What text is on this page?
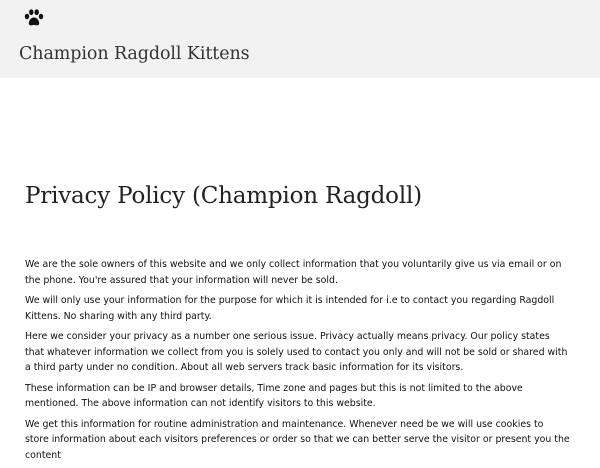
Champion Ragdoll Kittens
Privacy Policy (Champion Ragdoll)

We are the sole owners of this website and we only collect information that you voluntarily give us via email or on the phone. You're assured that your information will never be sold.

We will only use your information for the purpose for which it is intended for i.e to contact you regarding Ragdoll Kittens. No sharing with any third party.

Here we consider your privacy as a number one serious issue. Privacy actually means privacy. Our policy states that whatever information we collect from you is solely used to contact you only and will not be sold or shared with a third party under no condition. About all web servers track basic information for its visitors.

These information can be IP and browser details, Time zone and pages but this is not limited to the above mentioned. The above information can not identify visitors to this website.

We get this information for routine administration and maintenance. Whenever need be we will use cookies to store information about each visitors preferences or order so that we can better serve the visitor or present you the content
